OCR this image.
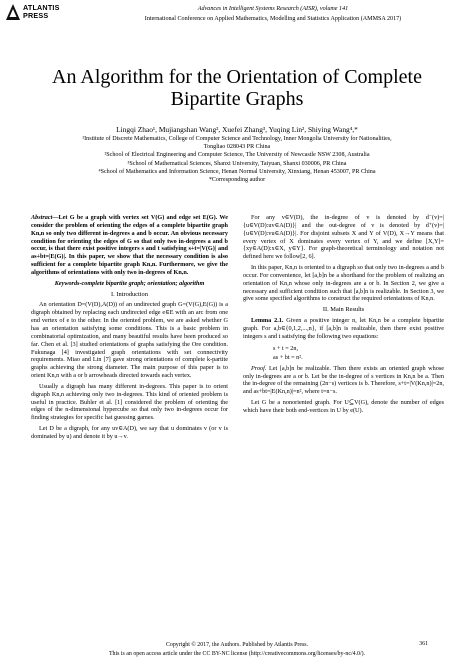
ATLANTIS
PRESS
Advances in Intelligent Systems Research (AISR), volume 141
International Conference on Applied Mathematics, Modelling and Statistics Application (AMMSA 2017)
An Algorithm for the Orientation of Complete
Bipartite Graphs
Lingqi Zhao¹, Mujiangshan Wang², Xuefei Zhang³, Yuqing Lin², Shiying Wang⁴,*
¹Institute of Discrete Mathematics, College of Computer Science and Technology, Inner Mongolia University for Nationalities,
Tongliao 028043 PR China
²School of Electrical Engineering and Computer Science, The University of Newcastle NSW 2308, Australia
³School of Mathematical Sciences, Shanxi University, Taiyuan, Shanxi 030006, PR China
⁴School of Mathematics and Information Science, Henan Normal University, Xinxiang, Henan 453007, PR China
*Corresponding author

Abstract—Let G be a graph with vertex set V(G) and edge set E(G). We consider the problem of orienting the edges of a complete bipartite graph Kn,n so only two different in-degrees a and b occur. An obvious necessary condition for orienting the edges of G so that only two in-degrees a and b occur, is that there exist positive integers s and t satisfying s+t=|V(G)| and as+bt=|E(G)|. In this paper, we show that the necessary condition is also sufficient for a complete bipartite graph Kn,n. Furthermore, we give the algorithms of orientations with only two in-degrees of Kn,n.

Keywords-complete bipartite graph; orientation; algorithm

I. Introduction

An orientation D=(V(D),A(D)) of an undirected graph G=(V(G),E(G)) is a digraph obtained by replacing each undirected edge e∈E with an arc from one end vertex of e to the other. In the oriented problem, we are asked whether G has an orientation satisfying some conditions. This is a basic problem in combinatorial optimization, and many beautiful results have been produced so far. Chen et al. [3] studied orientations of graphs satisfying the Ore condition. Fukunaga [4] investigated graph orientations with set connectivity requirements. Miao and Lin [7] gave strong orientations of complete k-partite graphs achieving the strong diameter. The main purpose of this paper is to orient Kn,n with a or b arrowheads directed towards each vertex.

Usually a digraph has many different in-degrees. This paper is to orient digraph Kn,n achieving only two in-degrees. This kind of oriented problem is useful in practice. Buhler et al. [1] considered the problem of orienting the edges of the n-dimensional hypercube so that only two in-degrees occur for finding strategies for specific hat guessing games.

Let D be a digraph, for any uv∈A(D), we say that u dominates v (or v is dominated by u) and denote it by u→v.

For any v∈V(D), the in-degree of v is denoted by d⁻(v)=|{u∈V(D):uv∈A(D)}| and the out-degree of v is denoted by d⁺(v)=|{u∈V(D):vu∈A(D)}|. For disjoint subsets X and Y of V(D), X→Y means that every vertex of X dominates every vertex of Y, and we define [X,Y]={xy∈A(D):x∈X, y∈Y}. For graph-theoretical terminology and notation not defined here we follow[2, 6].

In this paper, Kn,n is oriented to a digraph so that only two in-degrees a and b occur. For convenience, let [a,b]n be a shorthand for the problem of realizing an orientation of Kn,n whose only in-degrees are a or b. In Section 2, we give a necessary and sufficient condition such that [a,b]n is realizable. In Section 3, we give some specified algorithms to construct the required orientations of Kn,n.

II. Main Results

Lemma 2.1. Given a positive integer n, let Kn,n be a complete bipartite graph. For a,b∈{0,1,2,...,n}, if [a,b]n is realizable, then there exist positive integers s and t satisfying the following two equations:

s + t = 2n,
as + bt = n².

Proof. Let [a,b]n be realizable. Then there exists an oriented graph whose only in-degrees are a or b. Let be the in-degree of s vertices in Kn,n be a. Then the in-degree of the remaining (2n−s) vertices is b. Therefore, s+t=|V(Kn,n)|=2n, and as+bt=|E(Kn,n)|=n², where t=n−s.

Let G be a nonoriented graph. For U⊆V(G), denote the number of edges which have their both end-vertices in U by e(U).

Copyright © 2017, the Authors. Published by Atlantis Press.
This is an open access article under the CC BY-NC license (http://creativecommons.org/licenses/by-nc/4.0/).
361
